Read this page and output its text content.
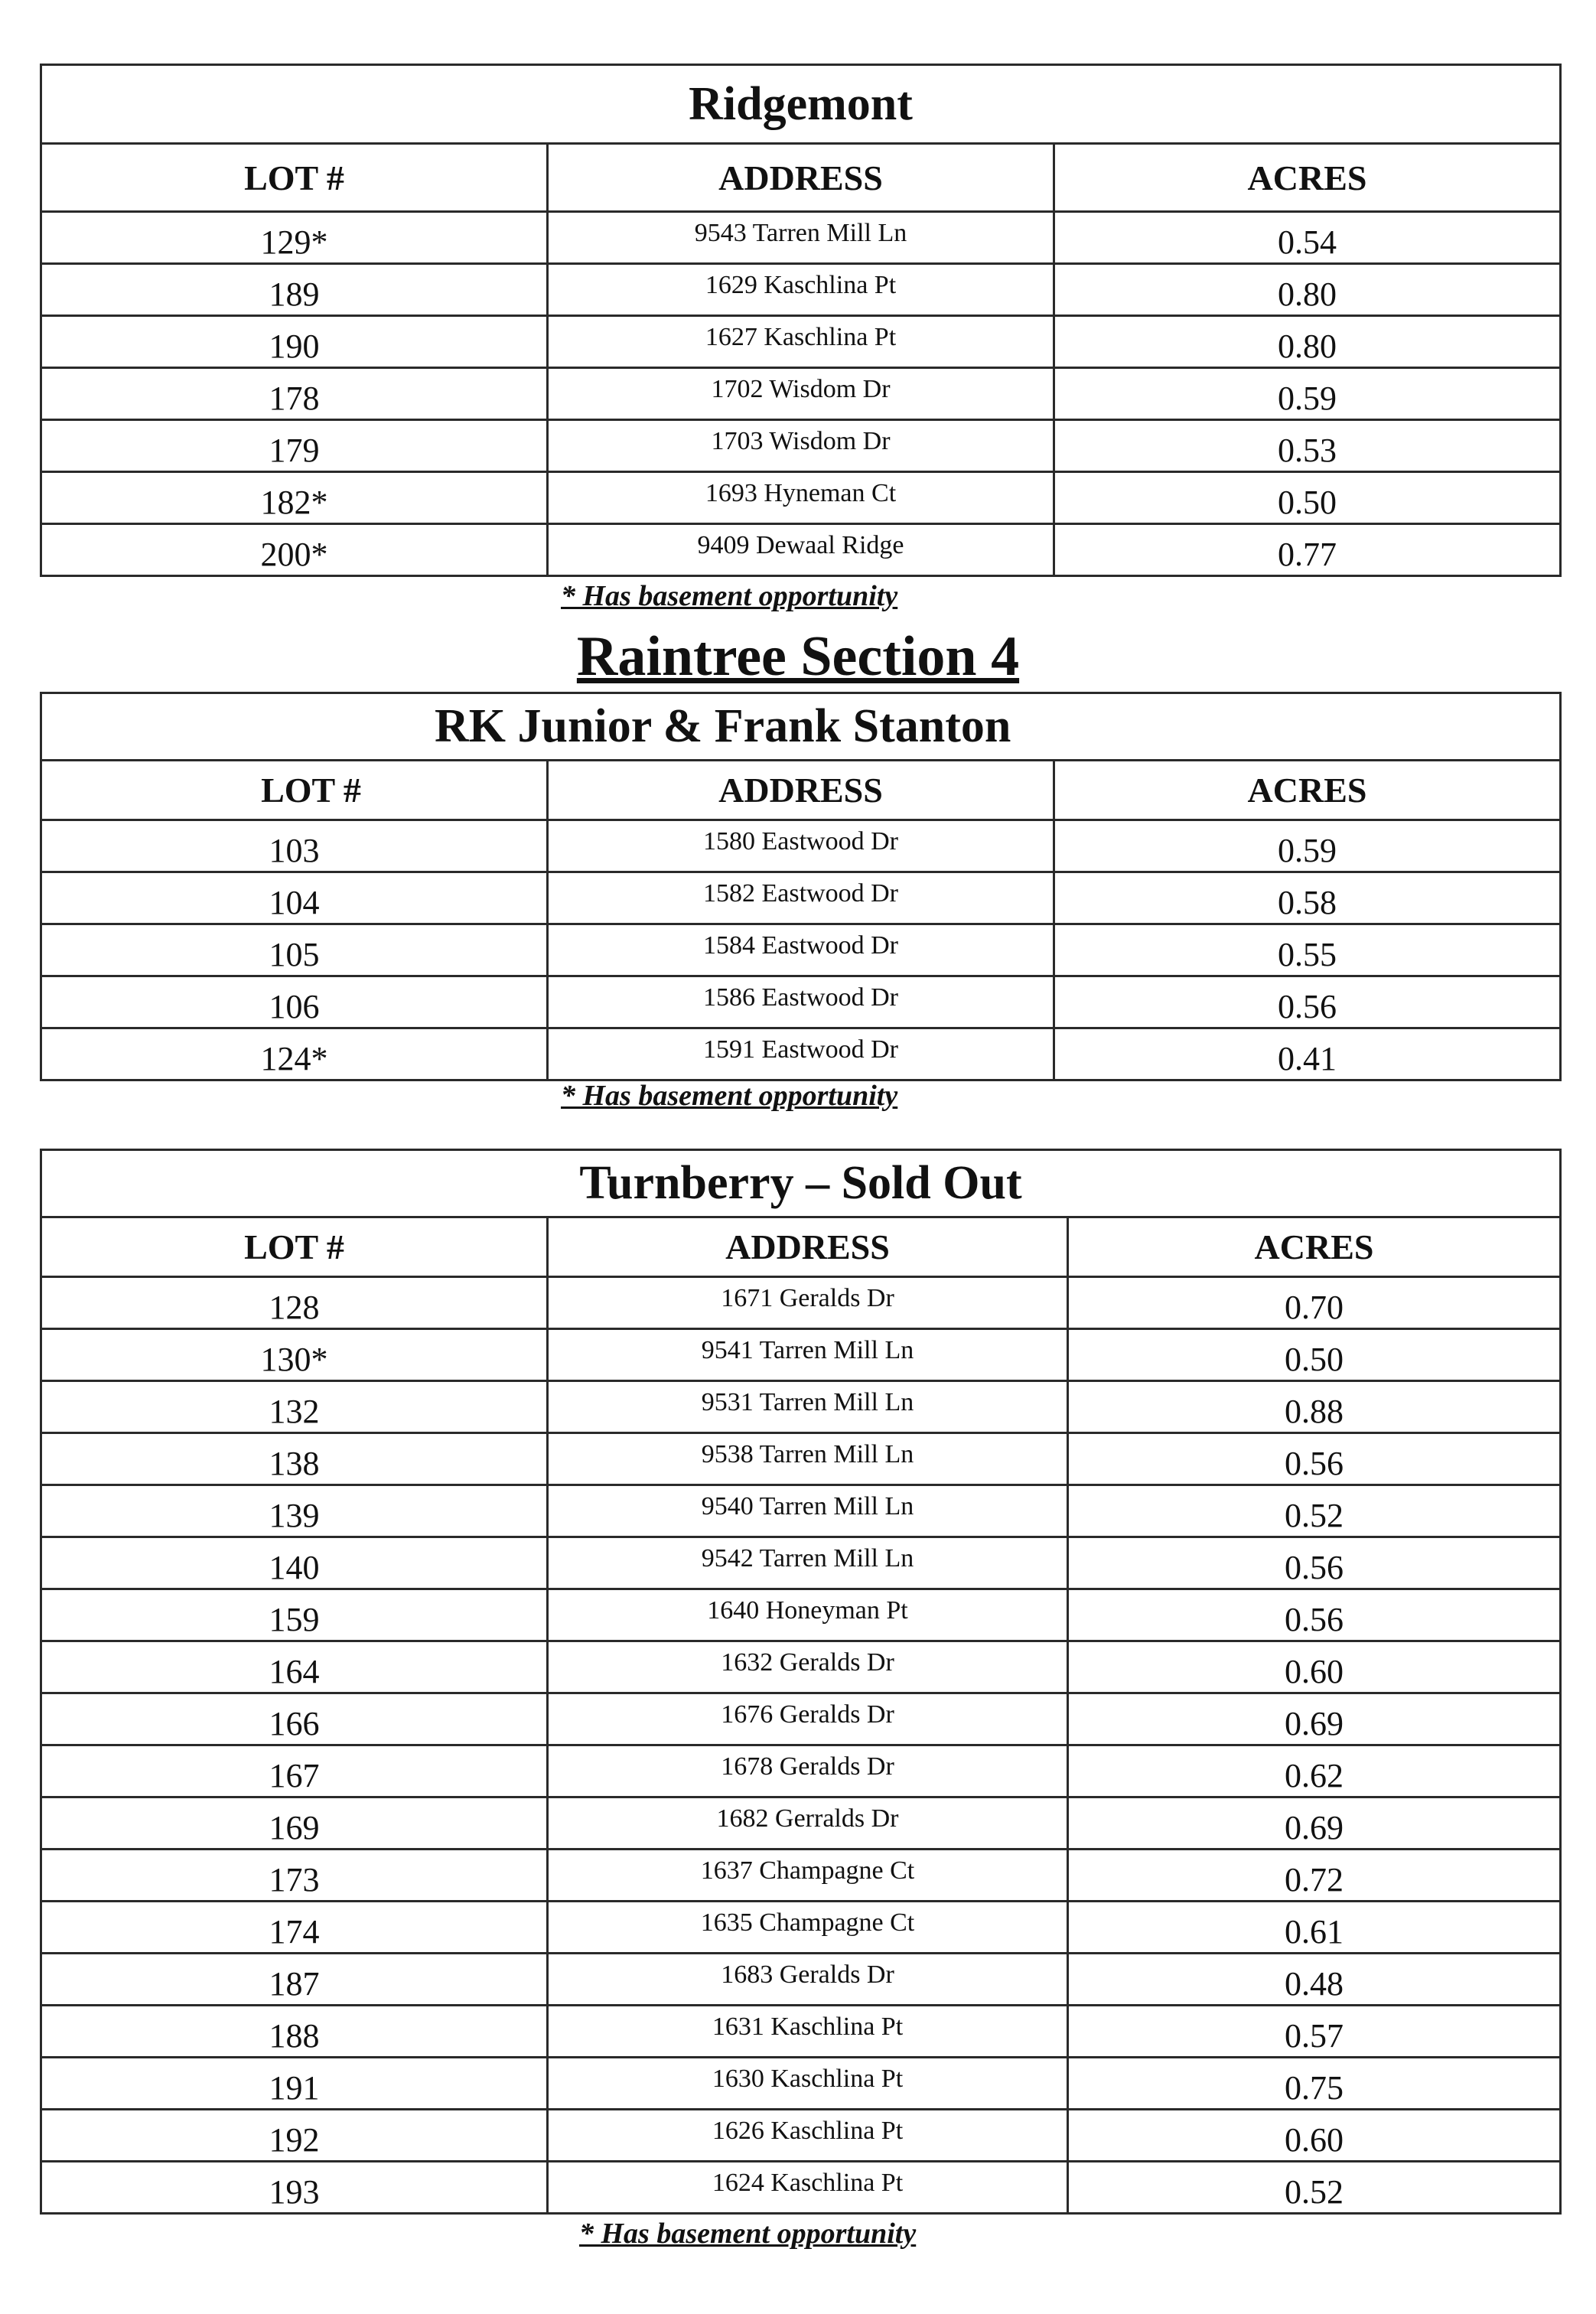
Ridgemont		
LOT #	ADDRESS	ACRES
129*	9543 Tarren Mill Ln	0.54
189	1629 Kaschlina Pt	0.80
190	1627 Kaschlina Pt	0.80
178	1702 Wisdom Dr	0.59
179	1703 Wisdom Dr	0.53
182*	1693 Hyneman Ct	0.50
200*	9409 Dewaal Ridge	0.77
* Has basement opportunity
Raintree Section 4
RK Junior & Frank Stanton		
LOT #	ADDRESS	ACRES
103	1580 Eastwood Dr	0.59
104	1582 Eastwood Dr	0.58
105	1584 Eastwood Dr	0.55
106	1586 Eastwood Dr	0.56
124*	1591 Eastwood Dr	0.41
* Has basement opportunity
Turnberry – Sold Out		
LOT #	ADDRESS	ACRES
128	1671 Geralds Dr	0.70
130*	9541 Tarren Mill Ln	0.50
132	9531 Tarren Mill Ln	0.88
138	9538 Tarren Mill Ln	0.56
139	9540 Tarren Mill Ln	0.52
140	9542 Tarren Mill Ln	0.56
159	1640 Honeyman Pt	0.56
164	1632 Geralds Dr	0.60
166	1676 Geralds Dr	0.69
167	1678 Geralds Dr	0.62
169	1682 Gerralds Dr	0.69
173	1637 Champagne Ct	0.72
174	1635 Champagne Ct	0.61
187	1683 Geralds Dr	0.48
188	1631 Kaschlina Pt	0.57
191	1630 Kaschlina Pt	0.75
192	1626 Kaschlina Pt	0.60
193	1624 Kaschlina Pt	0.52
* Has basement opportunity
